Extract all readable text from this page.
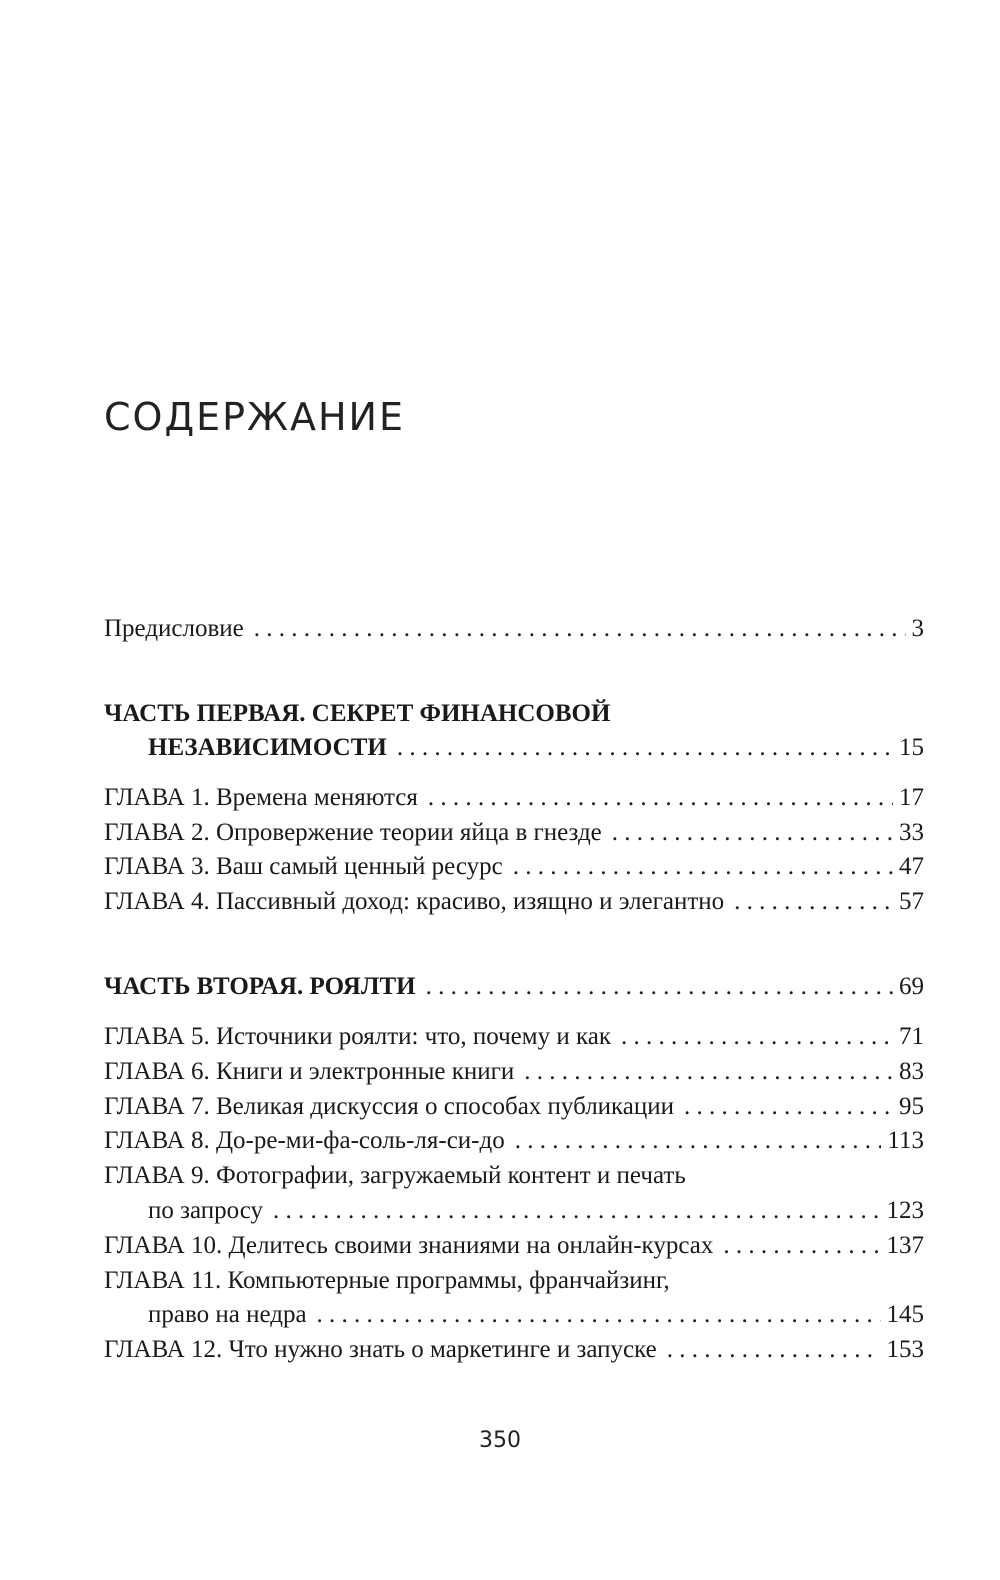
СОДЕРЖАНИЕ
Предисловие . . .	3
ЧАСТЬ ПЕРВАЯ. СЕКРЕТ ФИНАНСОВОЙ
НЕЗАВИСИМОСТИ . . .	15
ГЛАВА 1. Времена меняются . . .	17
ГЛАВА 2. Опровержение теории яйца в гнезде . . .	33
ГЛАВА 3. Ваш самый ценный ресурс . . .	47
ГЛАВА 4. Пассивный доход: красиво, изящно и элегантно . . .	57
ЧАСТЬ ВТОРАЯ. РОЯЛТИ . . .	69
ГЛАВА 5. Источники роялти: что, почему и как . . .	71
ГЛАВА 6. Книги и электронные книги . . .	83
ГЛАВА 7. Великая дискуссия о способах публикации . . .	95
ГЛАВА 8. До-ре-ми-фа-соль-ля-си-до . . .	113
ГЛАВА 9. Фотографии, загружаемый контент и печать
по запросу . . .	123
ГЛАВА 10. Делитесь своими знаниями на онлайн-курсах . . .	137
ГЛАВА 11. Компьютерные программы, франчайзинг,
право на недра . . .	145
ГЛАВА 12. Что нужно знать о маркетинге и запуске . . .	153
350
